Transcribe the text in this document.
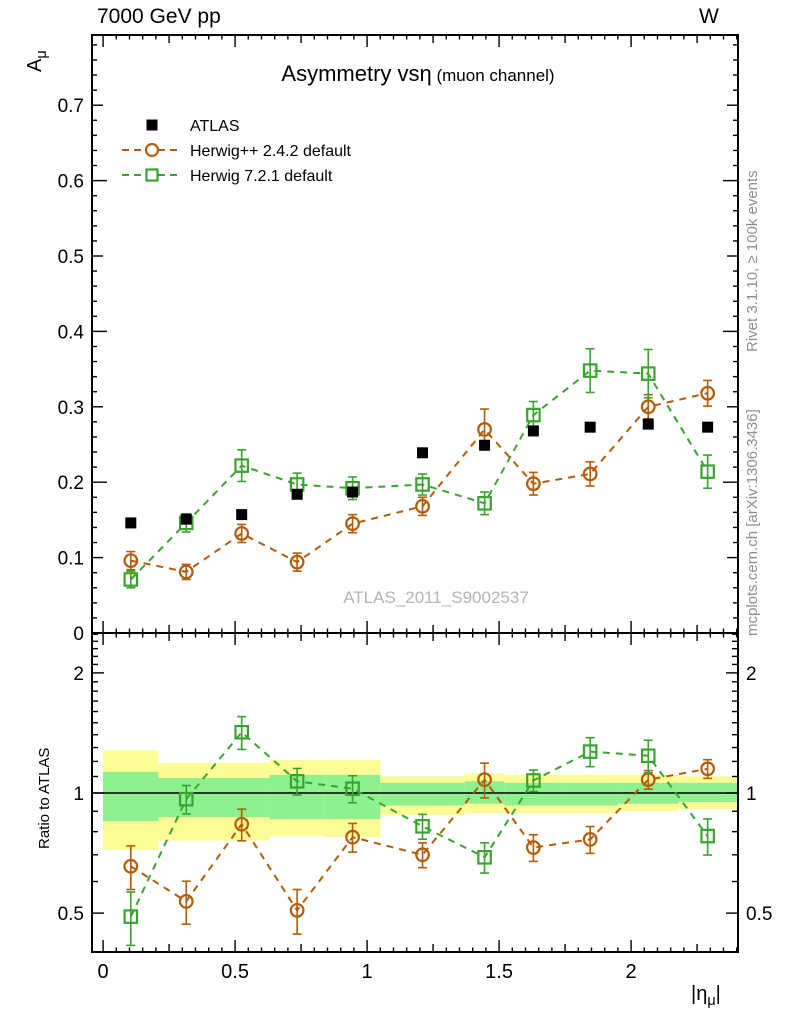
0
0.1
0.2
0.3
0.4
0.5
0.6
0.7
0	0.5	1	1.5	2
0.5	0.5
1	1
2	2
Asymmetry vsη (muon channel)
ATLAS_2011_S9002537
ATLAS
Herwig++ 2.4.2 default
Herwig 7.2.1 default
7000 GeV pp	W
$A_\mu$
Ratio to ATLAS
Rivet 3.1.10, ≥ 100k events
mcplots.cern.ch [arXiv:1306.3436]
$|\eta_\mu|$
